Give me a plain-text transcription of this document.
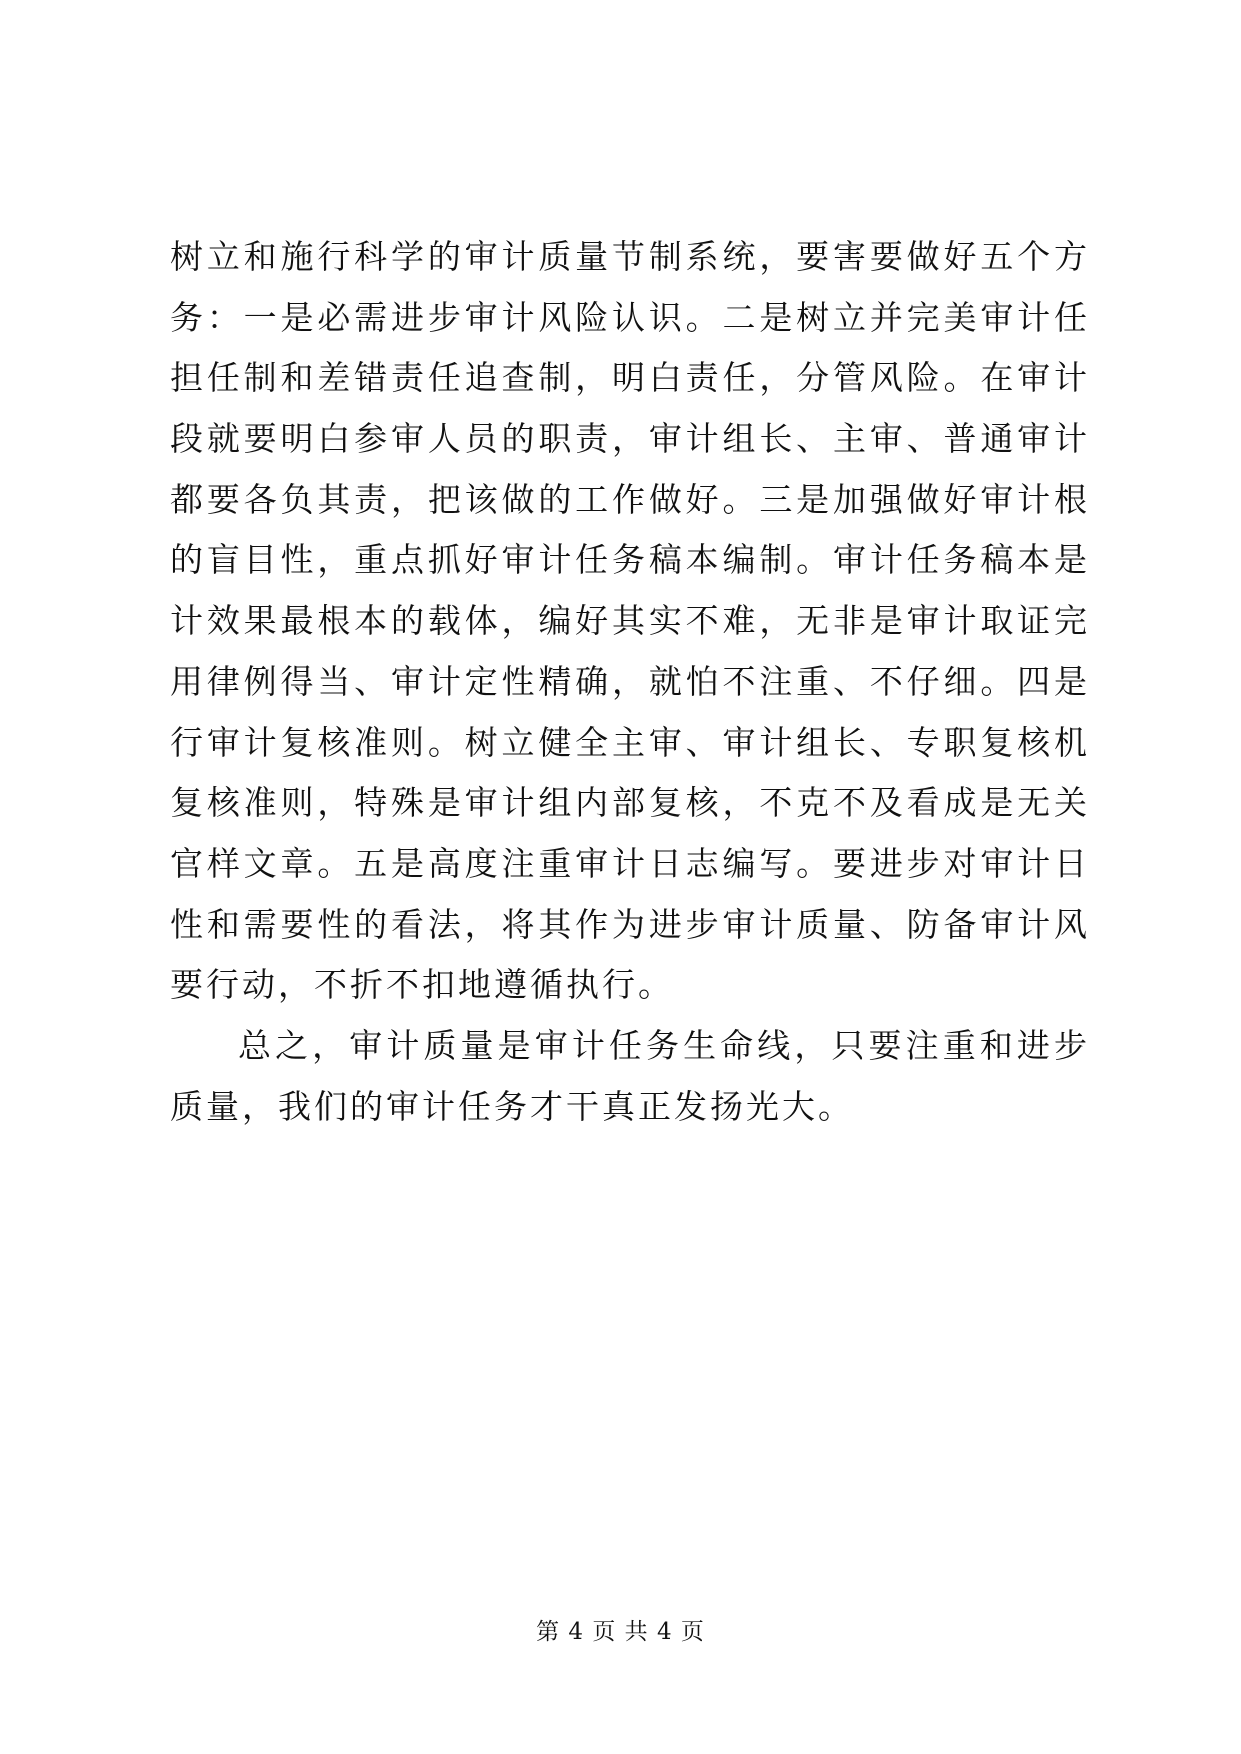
树立和施行科学的审计质量节制系统，要害要做好五个方
务：一是必需进步审计风险认识。二是树立并完美审计任
担任制和差错责任追查制，明白责任，分管风险。在审计
段就要明白参审人员的职责，审计组长、主审、普通审计
都要各负其责，把该做的工作做好。三是加强做好审计根
的盲目性，重点抓好审计任务稿本编制。审计任务稿本是
计效果最根本的载体，编好其实不难，无非是审计取证完
用律例得当、审计定性精确，就怕不注重、不仔细。四是
行审计复核准则。树立健全主审、审计组长、专职复核机
复核准则，特殊是审计组内部复核，不克不及看成是无关
官样文章。五是高度注重审计日志编写。要进步对审计日
性和需要性的看法，将其作为进步审计质量、防备审计风
要行动，不折不扣地遵循执行。
总之，审计质量是审计任务生命线，只要注重和进步
质量，我们的审计任务才干真正发扬光大。
第 4 页 共 4 页
